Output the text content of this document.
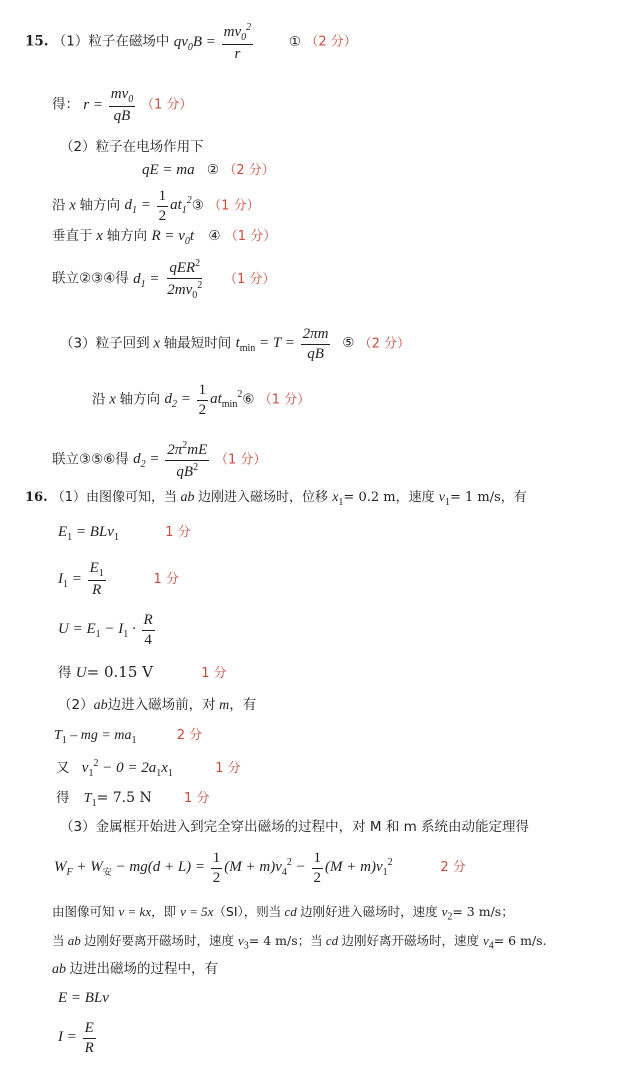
15. （1）粒子在磁场中 $qv_0B = \frac{mv_0^2}{r}$	① （2 分）
得： $r = \frac{mv_0}{qB} (1$ 分）
（2）粒子在电场作用下
qE = ma ② （2 分）
沿 x 轴方向 $d_1 = \frac{1}{2}$ $at_1^2③$ （1 分）
垂直于 x 轴方向 $R = v_0t$ ④ （1 分）
联立②③④得 $d_1 = \frac{qER^2}{2mv_0^2} (1$ 分）
（3）粒子回到 x 轴最短时间 $t_{min} = T = \frac{2\pi m}{qB}$ ⑤ （2 分）
沿 x 轴方向 $d_2 = \frac{1}{2}$ $at_{min}^2⑥$ （1 分）
联立③⑤⑥得 $d_2 = \frac{2\pi^2mE}{qB^2} (1$ 分）
16. （1）由图像可知，当 ab 边刚进入磁场时，位移 $x_1= 0.2$ m，速度 $v_1= 1$ m/s，有
$E_1 = BLv_1$	1 分
$I_1 = \frac{E_1}{R}$	1 分
$U = E_1 - I_1 \cdot \frac{R}{4}$
得 U= 0.15 V	1 分
（2）ab边进入磁场前，对 m，有
$T_1$ – mg = $ma_1$	2 分
又 $v_1^2 - 0 = 2a_1x_1$	1 分
得 $T_1= 7.5$ N 1 分
（3）金属框开始进入到完全穿出磁场的过程中，对 M 和 m 系统由动能定理得
$W_F + W_安 - mg(d + L) = \frac{1}{2} (M + m)v_4^2 - \frac{1}{2} (M + m)v_1^2$	2 分
由图像可知 v = kx，即 v = 5x（SI），则当 cd 边刚好进入磁场时，速度 $v_2= 3$ m/s；
当 ab 边刚好要离开磁场时，速度 $v_3= 4$ m/s；当 cd 边刚好离开磁场时，速度 $v_4= 6$ m/s.
ab 边进出磁场的过程中，有
E = BLv
$I = \frac{E}{R}$
